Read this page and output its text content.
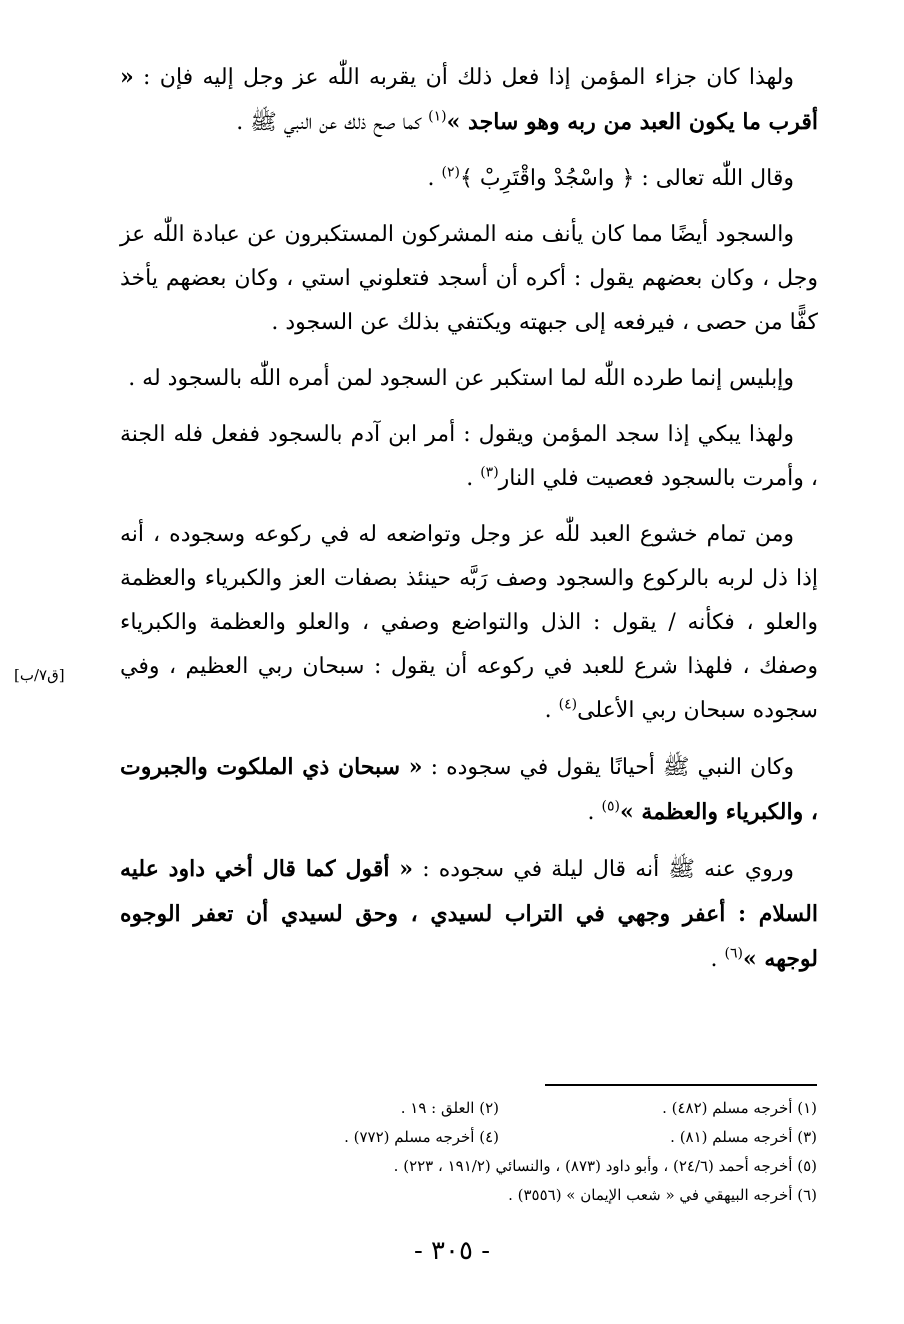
ولهذا كان جزاء المؤمن إذا فعل ذلك أن يقربه اللّٰه عز وجل إليه فإن : « أقرب ما يكون العبد من ربه وهو ساجد »$^{(١)}$ كما صح ذلك عن النبي ﷺ .

وقال اللّٰه تعالى : ﴿ واسْجُدْ واقْتَرِبْ ﴾$^{(٢)}$ .

والسجود أيضًا مما كان يأنف منه المشركون المستكبرون عن عبادة اللّٰه عز وجل ، وكان بعضهم يقول : أكره أن أسجد فتعلوني استي ، وكان بعضهم يأخذ كفًّا من حصى ، فيرفعه إلى جبهته ويكتفي بذلك عن السجود .

وإبليس إنما طرده اللّٰه لما استكبر عن السجود لمن أمره اللّٰه بالسجود له .

ولهذا يبكي إذا سجد المؤمن ويقول : أمر ابن آدم بالسجود ففعل فله الجنة ، وأمرت بالسجود فعصيت فلي النار$^{(٣)}$ .

ومن تمام خشوع العبد للّٰه عز وجل وتواضعه له في ركوعه وسجوده ، أنه إذا ذل لربه بالركوع والسجود وصف رَبَّه حينئذ بصفات العز والكبرياء والعظمة والعلو ، فكأنه / يقول : الذل والتواضع وصفي ، والعلو والعظمة والكبرياء وصفك ، فلهذا شرع للعبد في ركوعه أن يقول : سبحان ربي العظيم ، وفي سجوده سبحان ربي الأعلى$^{(٤)}$ .

وكان النبي ﷺ أحيانًا يقول في سجوده : « سبحان ذي الملكوت والجبروت ، والكبرياء والعظمة »$^{(٥)}$ .

وروي عنه ﷺ أنه قال ليلة في سجوده : « أقول كما قال أخي داود عليه السلام : أعفر وجهي في التراب لسيدي ، وحق لسيدي أن تعفر الوجوه لوجهه »$^{(٦)}$ .

[ق٧/ب]
(١) أخرجه مسلم (٤٨٢) .
(٢) العلق : ١٩ .
(٣) أخرجه مسلم (٨١) .
(٤) أخرجه مسلم (٧٧٢) .
(٥) أخرجه أحمد (٢٤/٦) ، وأبو داود (٨٧٣) ، والنسائي (١٩١/٢ ، ٢٢٣) .
(٦) أخرجه البيهقي في « شعب الإيمان » (٣٥٥٦) .
- ٣٠٥ -
